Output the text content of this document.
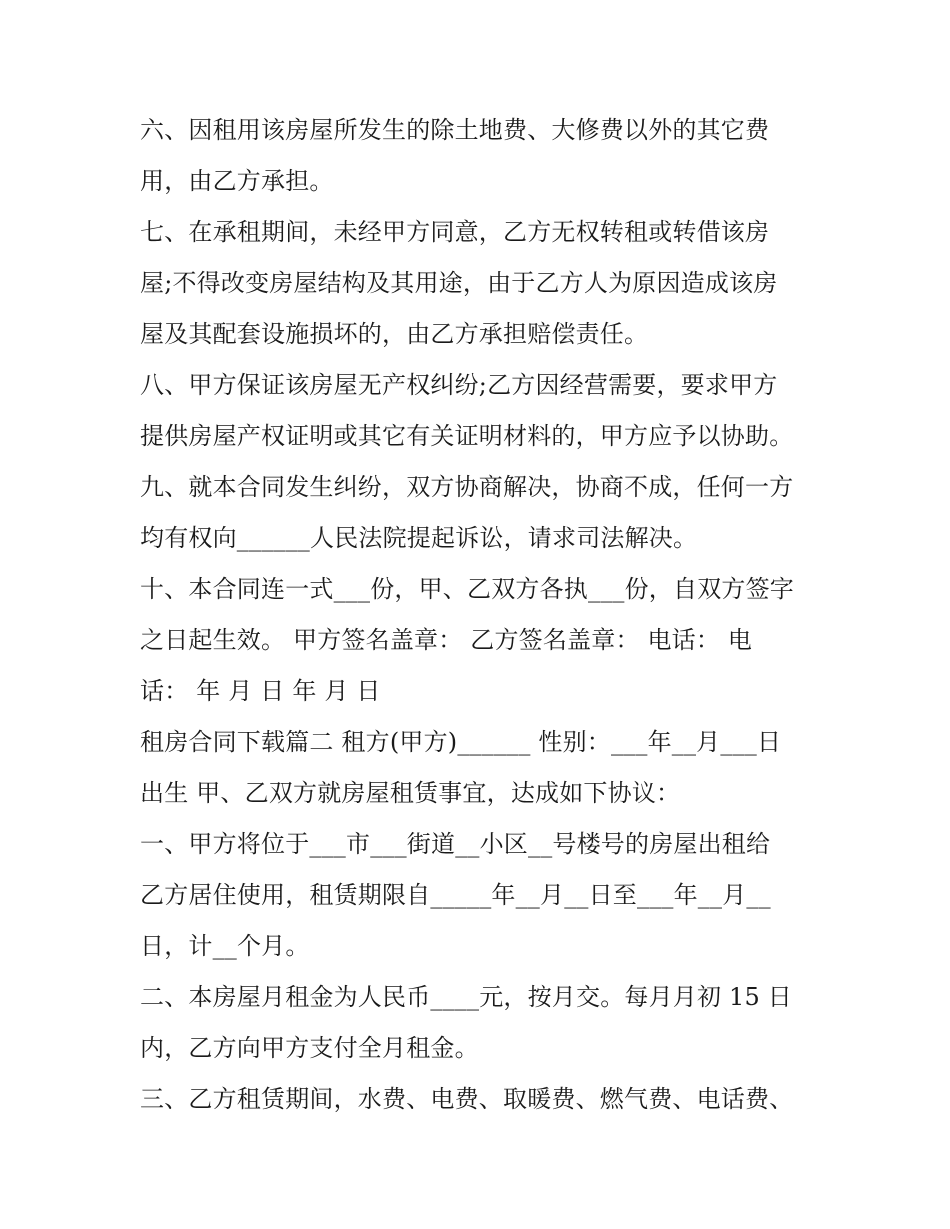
六、因租用该房屋所发生的除土地费、大修费以外的其它费
用，由乙方承担。
七、在承租期间，未经甲方同意，乙方无权转租或转借该房
屋;不得改变房屋结构及其用途，由于乙方人为原因造成该房
屋及其配套设施损坏的，由乙方承担赔偿责任。
八、甲方保证该房屋无产权纠纷;乙方因经营需要，要求甲方
提供房屋产权证明或其它有关证明材料的，甲方应予以协助。
九、就本合同发生纠纷，双方协商解决，协商不成，任何一方
均有权向______人民法院提起诉讼，请求司法解决。
十、本合同连一式___份，甲、乙双方各执___份，自双方签字
之日起生效。 甲方签名盖章： 乙方签名盖章： 电话： 电
话： 年 月 日 年 月 日
租房合同下载篇二 租方(甲方)______ 性别：___年__月___日
出生 甲、乙双方就房屋租赁事宜，达成如下协议：
一、甲方将位于___市___街道__小区__号楼号的房屋出租给
乙方居住使用，租赁期限自_____年__月__日至___年__月__
日，计__个月。
二、本房屋月租金为人民币____元，按月交。每月月初 15 日
内，乙方向甲方支付全月租金。
三、乙方租赁期间，水费、电费、取暖费、燃气费、电话费、
